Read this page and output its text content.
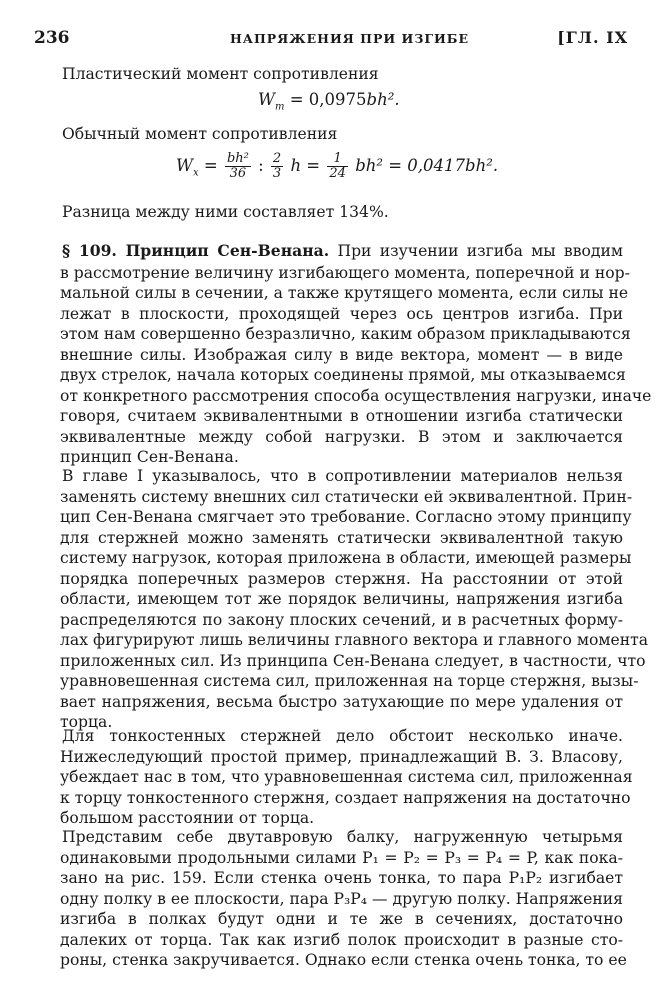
236	НАПРЯЖЕНИЯ ПРИ ИЗГИБЕ	[ГЛ. IX
Пластический момент сопротивления
$W_т = 0,0975bh^2$.
Обычный момент сопротивления
$W_x = \frac{\text{bh²}}{36}$ : $\frac{2}{3}$ $h = \frac{1}{24} bh^2 = 0,0417bh^2$.
Разница между ними составляет 134%.
§ 109. Принцип Сен-Венана. При изучении изгиба мы вводим
в рассмотрение величину изгибающего момента, поперечной и нор-
мальной силы в сечении, а также крутящего момента, если силы не
лежат в плоскости, проходящей через ось центров изгиба. При
этом нам совершенно безразлично, каким образом прикладываются
внешние силы. Изображая силу в виде вектора, момент — в виде
двух стрелок, начала которых соединены прямой, мы отказываемся
от конкретного рассмотрения способа осуществления нагрузки, иначе
говоря, считаем эквивалентными в отношении изгиба статически
эквивалентные между собой нагрузки. В этом и заключается
принцип Сен-Венана.
В главе I указывалось, что в сопротивлении материалов нельзя
заменять систему внешних сил статически ей эквивалентной. Прин-
цип Сен-Венана смягчает это требование. Согласно этому принципу
для стержней можно заменять статически эквивалентной такую
систему нагрузок, которая приложена в области, имеющей размеры
порядка поперечных размеров стержня. На расстоянии от этой
области, имеющем тот же порядок величины, напряжения изгиба
распределяются по закону плоских сечений, и в расчетных форму-
лах фигурируют лишь величины главного вектора и главного момента
приложенных сил. Из принципа Сен-Венана следует, в частности, что
уравновешенная система сил, приложенная на торце стержня, вызы-
вает напряжения, весьма быстро затухающие по мере удаления от
торца.
Для тонкостенных стержней дело обстоит несколько иначе.
Нижеследующий простой пример, принадлежащий В. З. Власову,
убеждает нас в том, что уравновешенная система сил, приложенная
к торцу тонкостенного стержня, создает напряжения на достаточно
большом расстоянии от торца.
Представим себе двутавровую балку, нагруженную четырьмя
одинаковыми продольными силами P₁ = P₂ = P₃ = P₄ = P, как пока-
зано на рис. 159. Если стенка очень тонка, то пара P₁P₂ изгибает
одну полку в ее плоскости, пара P₃P₄ — другую полку. Напряжения
изгиба в полках будут одни и те же в сечениях, достаточно
далеких от торца. Так как изгиб полок происходит в разные сто-
роны, стенка закручивается. Однако если стенка очень тонка, то ее
